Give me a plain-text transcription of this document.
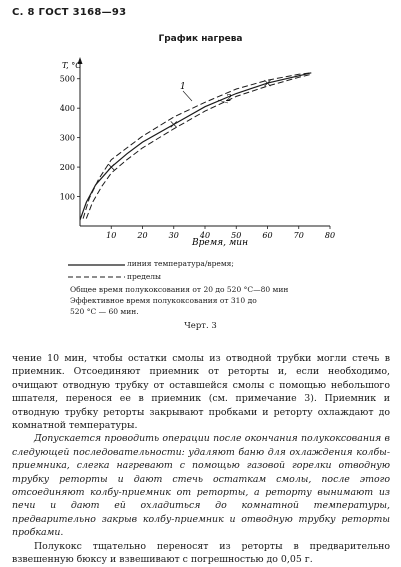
С. 8 ГОСТ 3168—93
График нагрева
10	20	30	40	50	60	70	80
100
200
300
400
500
T, °C
Время, мин
1
2
линия температура/время;
пределы
Общее время полукоксования от 20 до 520 °С—80 мин
Эффективное время полукоксования от 310 до
520 °С — 60 мин.
Черт. 3

чение 10 мин, чтобы остатки смолы из отводной трубки могли стечь в приемник. Отсоединяют приемник от реторты и, если необходимо, очищают отводную трубку от оставшейся смолы с помощью небольшого шпателя, перенося ее в приемник (см. примечание 3). Приемник и отводную трубку реторты закрывают пробками и реторту охлаждают до комнатной температуры.

Допускается проводить операции после окончания полукоксования в следующей последовательности: удаляют баню для охлаждения колбы-приемника, слегка нагревают с помощью газовой горелки отводную трубку реторты и дают стечь остаткам смолы, после этого отсоединяют колбу-приемник от реторты, а реторту вынимают из печи и дают ей охладиться до комнатной температуры, предварительно закрыв колбу-приемник и отводную трубку реторты пробками.

Полукокс тщательно переносят из реторты в предварительно взвешенную бюксу и взвешивают с погрешностью до 0,05 г.
